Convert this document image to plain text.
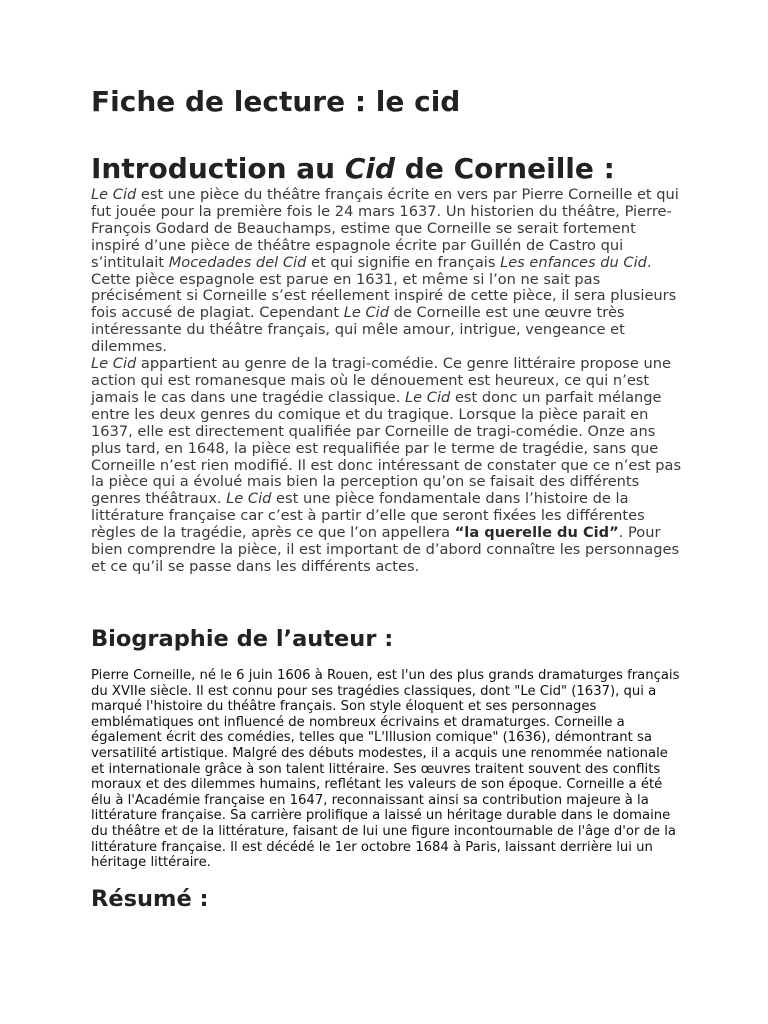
Fiche de lecture : le cid
Introduction au Cid de Corneille :

Le Cid est une pièce du théâtre français écrite en vers par Pierre Corneille et qui fut jouée pour la première fois le 24 mars 1637. Un historien du théâtre, Pierre-François Godard de Beauchamps, estime que Corneille se serait fortement inspiré d’une pièce de théâtre espagnole écrite par Guillén de Castro qui s’intitulait Mocedades del Cid et qui signifie en français Les enfances du Cid. Cette pièce espagnole est parue en 1631, et même si l’on ne sait pas précisément si Corneille s’est réellement inspiré de cette pièce, il sera plusieurs fois accusé de plagiat. Cependant Le Cid de Corneille est une œuvre très intéressante du théâtre français, qui mêle amour, intrigue, vengeance et dilemmes.

Le Cid appartient au genre de la tragi-comédie. Ce genre littéraire propose une action qui est romanesque mais où le dénouement est heureux, ce qui n’est jamais le cas dans une tragédie classique. Le Cid est donc un parfait mélange entre les deux genres du comique et du tragique. Lorsque la pièce parait en 1637, elle est directement qualifiée par Corneille de tragi-comédie. Onze ans plus tard, en 1648, la pièce est requalifiée par le terme de tragédie, sans que Corneille n’est rien modifié. Il est donc intéressant de constater que ce n’est pas la pièce qui a évolué mais bien la perception qu’on se faisait des différents genres théâtraux. Le Cid est une pièce fondamentale dans l’histoire de la littérature française car c’est à partir d’elle que seront fixées les différentes règles de la tragédie, après ce que l’on appellera “la querelle du Cid”. Pour bien comprendre la pièce, il est important de d’abord connaître les personnages et ce qu’il se passe dans les différents actes.

Biographie de l’auteur :

Pierre Corneille, né le 6 juin 1606 à Rouen, est l'un des plus grands dramaturges français du XVIIe siècle. Il est connu pour ses tragédies classiques, dont "Le Cid" (1637), qui a marqué l'histoire du théâtre français. Son style éloquent et ses personnages emblématiques ont influencé de nombreux écrivains et dramaturges. Corneille a également écrit des comédies, telles que "L'Illusion comique" (1636), démontrant sa versatilité artistique. Malgré des débuts modestes, il a acquis une renommée nationale et internationale grâce à son talent littéraire. Ses œuvres traitent souvent des conflits moraux et des dilemmes humains, reflétant les valeurs de son époque. Corneille a été élu à l'Académie française en 1647, reconnaissant ainsi sa contribution majeure à la littérature française. Sa carrière prolifique a laissé un héritage durable dans le domaine du théâtre et de la littérature, faisant de lui une figure incontournable de l'âge d'or de la littérature française. Il est décédé le 1er octobre 1684 à Paris, laissant derrière lui un héritage littéraire.

Résumé :
